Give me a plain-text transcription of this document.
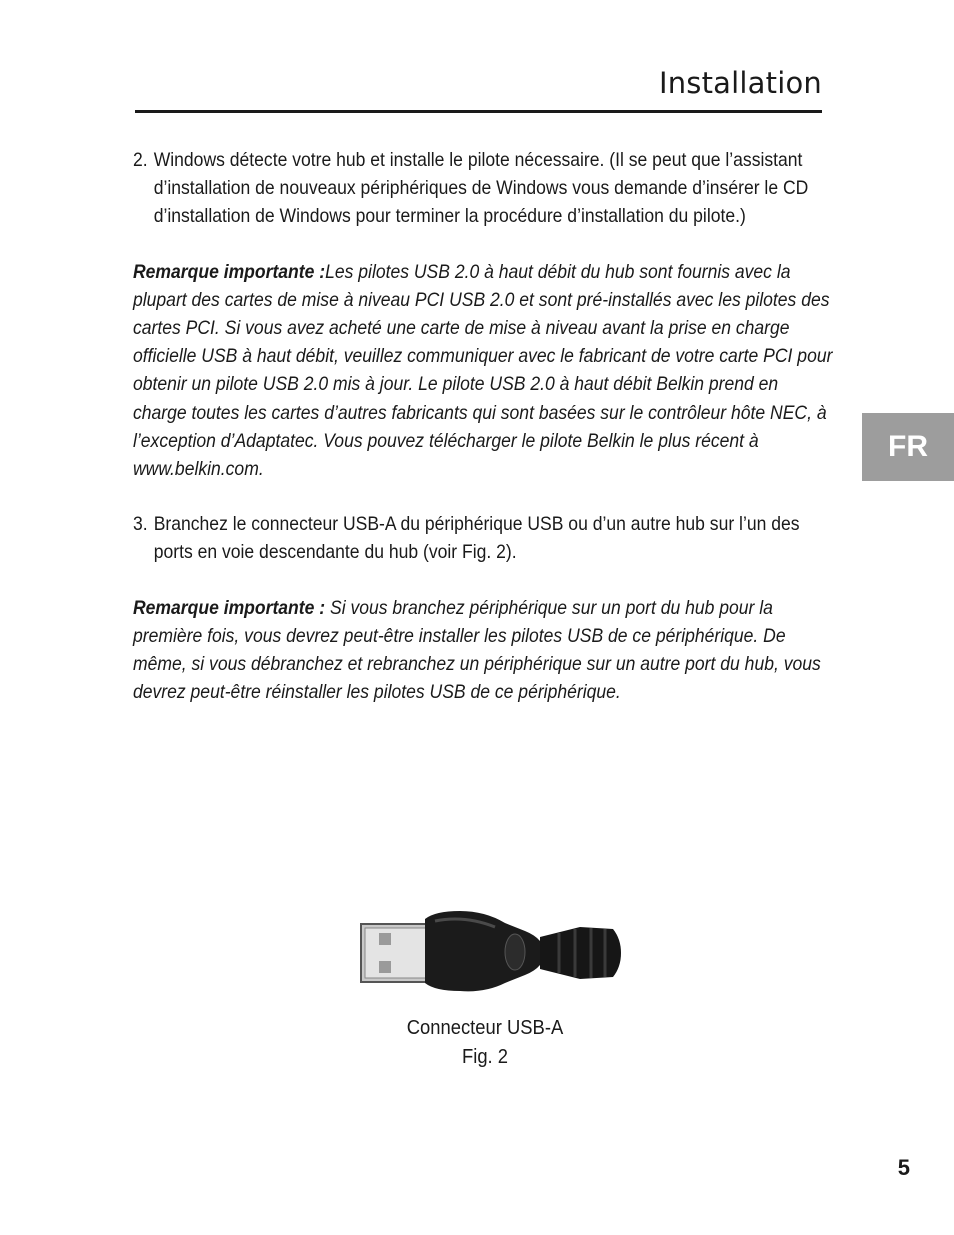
Installation
FR
2. Windows détecte votre hub et installe le pilote nécessaire. (Il se peut que l’assistant d’installation de nouveaux périphériques de Windows vous demande d’insérer le CD d’installation de Windows pour terminer la procédure d’installation du pilote.)

Remarque importante :Les pilotes USB 2.0 à haut débit du hub sont fournis avec la plupart des cartes de mise à niveau PCI USB 2.0 et sont pré-installés avec les pilotes des cartes PCI. Si vous avez acheté une carte de mise à niveau avant la prise en charge officielle USB à haut débit, veuillez communiquer avec le fabricant de votre carte PCI pour obtenir un pilote USB 2.0 mis à jour. Le pilote USB 2.0 à haut débit Belkin prend en charge toutes les cartes d’autres fabricants qui sont basées sur le contrôleur hôte NEC, à l’exception d’Adaptatec. Vous pouvez télécharger le pilote Belkin le plus récent à www.belkin.com.

3. Branchez le connecteur USB-A du périphérique USB ou d’un autre hub sur l’un des ports en voie descendante du hub (voir Fig. 2).

Remarque importante : Si vous branchez périphérique sur un port du hub pour la première fois, vous devrez peut-être installer les pilotes USB de ce périphérique. De même, si vous débranchez et rebranchez un périphérique sur un autre port du hub, vous devrez peut-être réinstaller les pilotes USB de ce périphérique.

Connecteur USB-A
Fig. 2
5
